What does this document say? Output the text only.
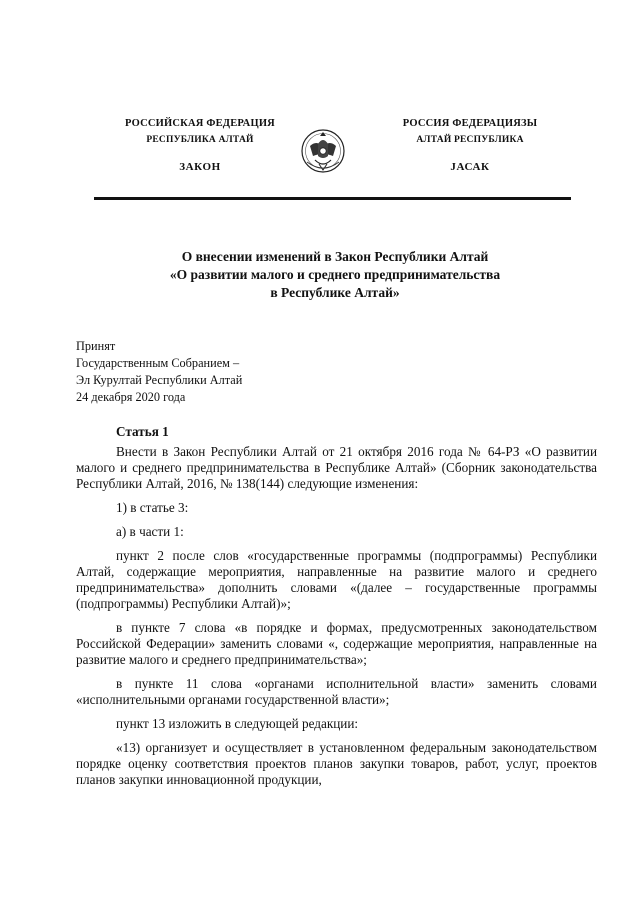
РОССИЙСКАЯ ФЕДЕРАЦИЯ
РЕСПУБЛИКА АЛТАЙ
ЗАКОН
РОССИЯ ФЕДЕРАЦИЯЗЫ
АЛТАЙ РЕСПУБЛИКА
JАСАК
О внесении изменений в Закон Республики Алтай
«О развитии малого и среднего предпринимательства
в Республике Алтай»
Принят
Государственным Собранием –
Эл Курултай Республики Алтай
24 декабря 2020 года
Статья 1

Внести в Закон Республики Алтай от 21 октября 2016 года № 64-РЗ «О развитии малого и среднего предпринимательства в Республике Алтай» (Сборник законодательства Республики Алтай, 2016, № 138(144) следующие изменения:

1) в статье 3:

а) в части 1:

пункт 2 после слов «государственные программы (подпрограммы) Республики Алтай, содержащие мероприятия, направленные на развитие малого и среднего предпринимательства» дополнить словами «(далее – государственные программы (подпрограммы) Республики Алтай)»;

в пункте 7 слова «в порядке и формах, предусмотренных законодательством Российской Федерации» заменить словами «, содержащие мероприятия, направленные на развитие малого и среднего предпринимательства»;

в пункте 11 слова «органами исполнительной власти» заменить словами «исполнительными органами государственной власти»;

пункт 13 изложить в следующей редакции:

«13) организует и осуществляет в установленном федеральным законодательством порядке оценку соответствия проектов планов закупки товаров, работ, услуг, проектов планов закупки инновационной продукции,
